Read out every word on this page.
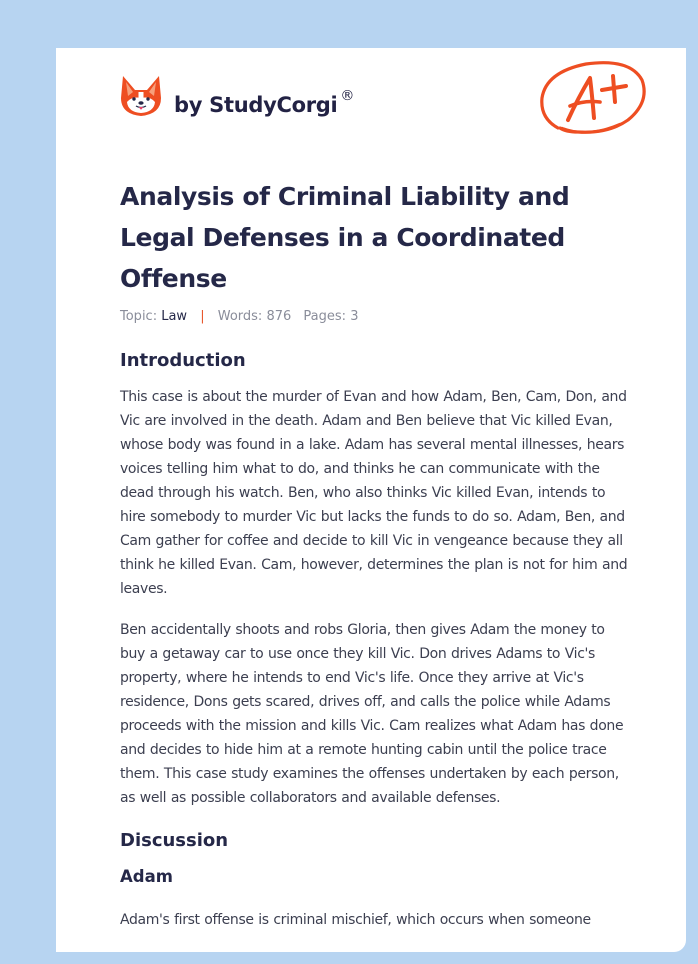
by StudyCorgi ®
Analysis of Criminal Liability and Legal Defenses in a Coordinated Offense
Topic: Law | Words: 876 Pages: 3
Introduction

This case is about the murder of Evan and how Adam, Ben, Cam, Don, and Vic are involved in the death. Adam and Ben believe that Vic killed Evan, whose body was found in a lake. Adam has several mental illnesses, hears voices telling him what to do, and thinks he can communicate with the dead through his watch. Ben, who also thinks Vic killed Evan, intends to hire somebody to murder Vic but lacks the funds to do so. Adam, Ben, and Cam gather for coffee and decide to kill Vic in vengeance because they all think he killed Evan. Cam, however, determines the plan is not for him and leaves.

Ben accidentally shoots and robs Gloria, then gives Adam the money to buy a getaway car to use once they kill Vic. Don drives Adams to Vic's property, where he intends to end Vic's life. Once they arrive at Vic's residence, Dons gets scared, drives off, and calls the police while Adams proceeds with the mission and kills Vic. Cam realizes what Adam has done and decides to hide him at a remote hunting cabin until the police trace them. This case study examines the offenses undertaken by each person, as well as possible collaborators and available defenses.

Discussion
Adam

Adam's first offense is criminal mischief, which occurs when someone
